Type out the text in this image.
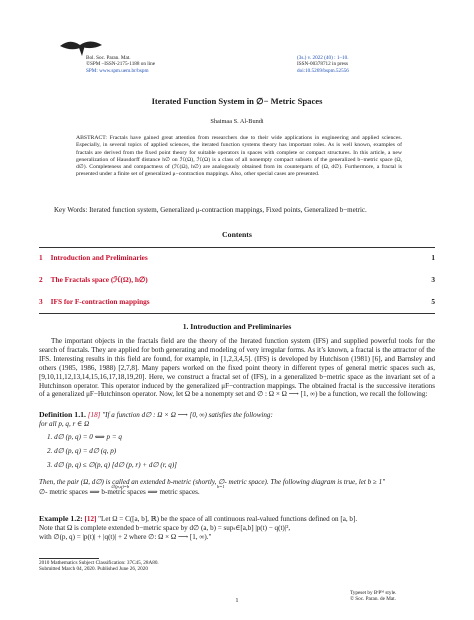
Bol. Soc. Paran. Mat.
©SPM –ISSN-2175-1188 on line
SPM: www.spm.uem.br/bspm
(3s.) v. 2022 (40) : 1–10.
ISSN-00378712 in press
doi:10.5269/bspm.52556
Iterated Function System in ∅− Metric Spaces
Shaimaa S. Al-Bundi
ABSTRACT: Fractals have gained great attention from researchers due to their wide applications in engineering and applied sciences. Especially, in several topics of applied sciences, the iterated function systems theory has important roles. As is well known, examples of fractals are derived from the fixed point theory for suitable operators in spaces with complete or compact structures. In this article, a new generalization of Hausdorff distance h∅ on ℋ(Ω), ℋ(Ω) is a class of all nonempty compact subsets of the generalized b−metric space (Ω, d∅). Completeness and compactness of (ℋ(Ω), h∅) are analogously obtained from its counterparts of (Ω, d∅). Furthermore, a fractal is presented under a finite set of generalized μ−contraction mappings. Also, other special cases are presented.
Key Words: Iterated function system, Generalized μ-contraction mappings, Fixed points, Generalized b−metric.
Contents
1 Introduction and Preliminaries	1
2 The Fractals space (ℋ(Ω), h∅)	3
3 IFS for F-contraction mappings	5
1. Introduction and Preliminaries
The important objects in the fractals field are the theory of the Iterated function system (IFS) and supplied powerful tools for the search of fractals. They are applied for both generating and modeling of very irregular forms. As it’s known, a fractal is the attractor of the IFS. Interesting results in this field are found, for example, in [1,2,3,4,5]. (IFS) is developed by Hutchison (1981) [6], and Barnsley and others (1985, 1986, 1988) [2,7,8]. Many papers worked on the fixed point theory in different types of general metric spaces such as, [9,10,11,12,13,14,15,16,17,18,19,20]. Here, we construct a fractal set of (IFS), in a generalized b−metric space as the invariant set of a Hutchinson operator. This operator induced by the generalized μF−contraction mappings. The obtained fractal is the successive iterations of a generalized μF−Hutchinson operator. Now, let Ω be a nonempty set and ∅ : Ω × Ω ⟶ [1, ∞) be a function, we recall the following:
Definition 1.1. [18] "If a function d∅ : Ω × Ω ⟶ [0, ∞) satisfies the following:
for all p, q, r ∈ Ω
1. d∅ (p, q) = 0 ⟺ p = q
2. d∅ (p, q) = d∅ (q, p)
3. d∅ (p, q) ≤ ∅(p, q) [d∅ (p, r) + d∅ (r, q)]
Then, the pair (Ω, d∅) is called an extended b-metric (shortly, ∅- metric space). The following diagram is true, let b ≥ 1"
∅(p,q)=b	b=1
∅- metric spaces ⟹ b-metric spaces ⟹ metric spaces.
Example 1.2: [12] "Let Ω = C([a, b], ℝ) be the space of all continuous real-valued functions defined on [a, b].
Note that Ω is complete extended b−metric space by d∅ (a, b) = supₜ∈[a,b] |p(t) − q(t)|²,
with ∅(p, q) = |p(t)| + |q(t)| + 2 where ∅: Ω × Ω ⟶ [1, ∞)."
2010 Mathematics Subject Classification: 37C45, 28A80.
Submitted March 04, 2020. Published June 26, 2020
1
Typeset by BˢPᴹ style.
© Soc. Paran. de Mat.
